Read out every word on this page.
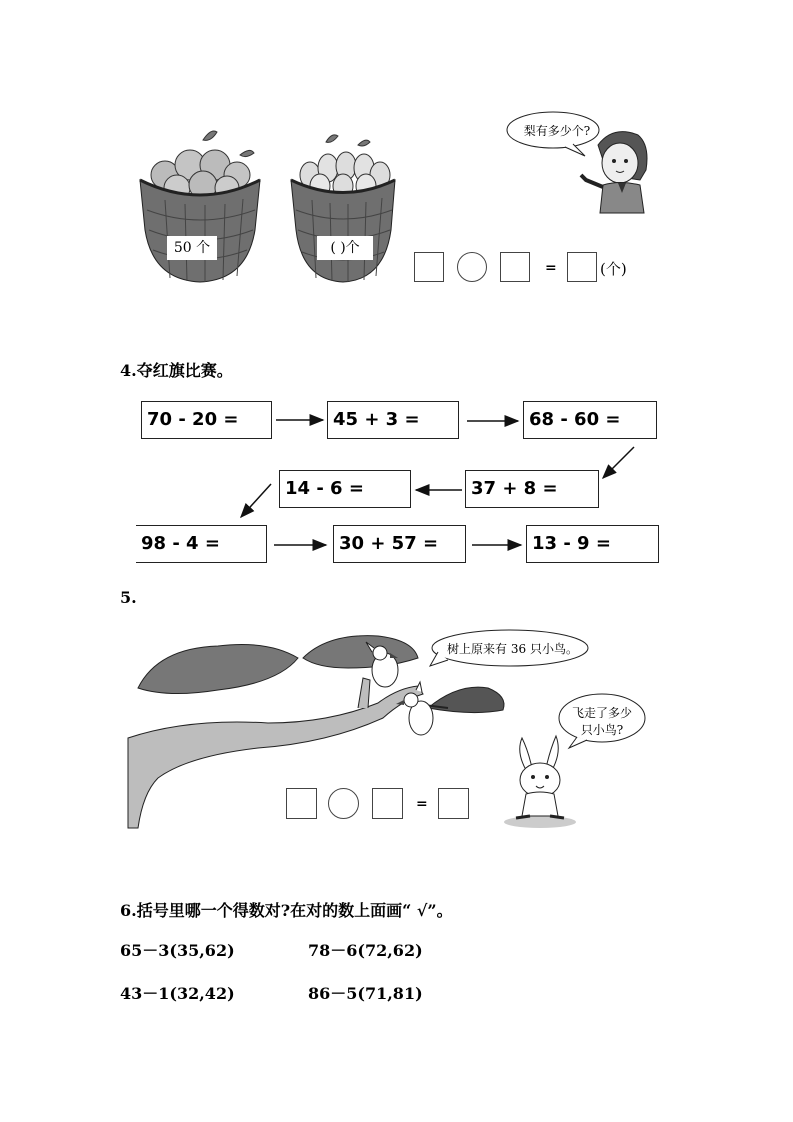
50 个	( )个
梨有多少个?
=	(个)
4.夺红旗比赛。
70 - 20 =	45 + 3 =	68 - 60 =
14 - 6 =	37 + 8 =
98 - 4 =	30 + 57 =	13 - 9 =
5.
树上原来有 36 只小鸟。
飞走了多少
只小鸟?
=
6.括号里哪一个得数对?在对的数上面画“ √”。
65－3(35,62)	78－6(72,62)
43－1(32,42)	86－5(71,81)
